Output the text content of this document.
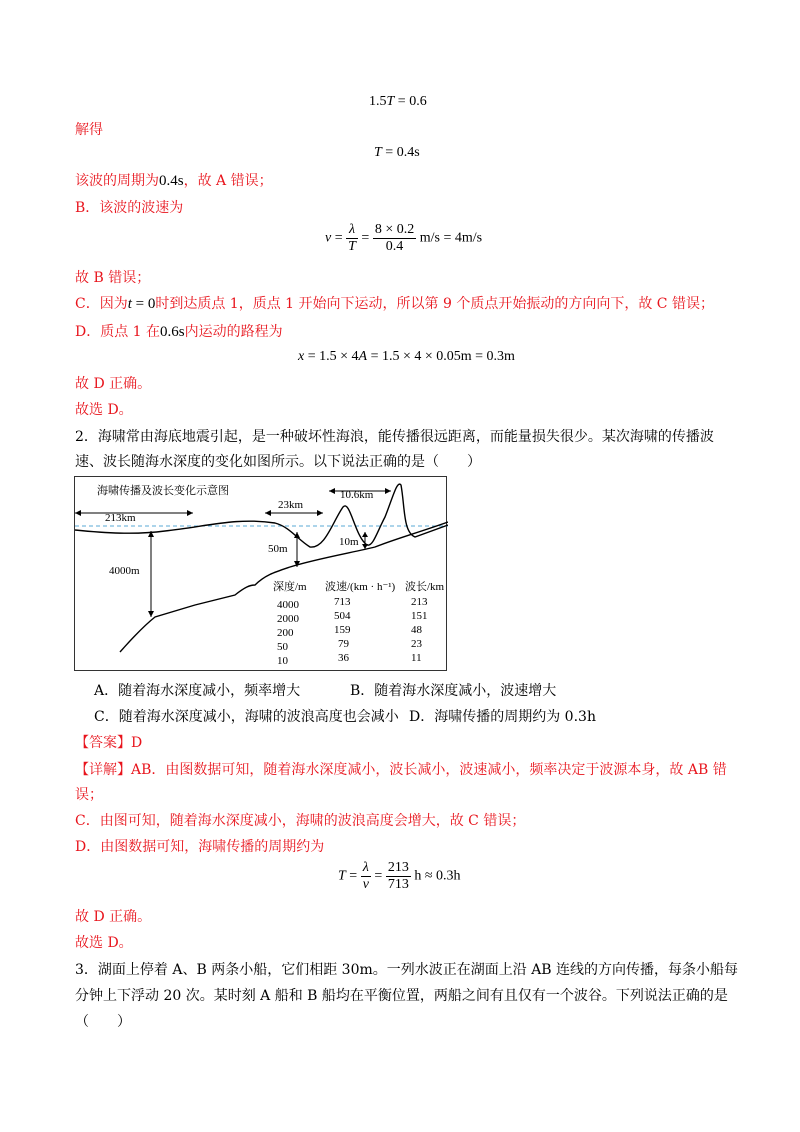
1.5T = 0.6
解得
T = 0.4s
该波的周期为0.4s，故 A 错误；
B．该波的波速为
$v = \frac{\lambda}{T} = \frac{8 \times 0.2}{0.4} m/s = 4m/s$
故 B 错误；
C．因为t = 0时到达质点 1，质点 1 开始向下运动，所以第 9 个质点开始振动的方向向下，故 C 错误；
D．质点 1 在0.6s内运动的路程为
x = 1.5 × 4A = 1.5 × 4 × 0.05m = 0.3m
故 D 正确。
故选 D。
2．海啸常由海底地震引起，是一种破坏性海浪，能传播很远距离，而能量损失很少。某次海啸的传播波
速、波长随海水深度的变化如图所示。以下说法正确的是（　　）
海啸传播及波长变化示意图
213km
23km
10.6km
4000m
50m
10m
深度/m 波速/(km · h⁻¹) 波长/km
4000	713	213
2000	504	151
200	159	48
50	79	23
10	36	11
A．随着海水深度减小，频率增大	B．随着海水深度减小，波速增大
C．随着海水深度减小，海啸的波浪高度也会减小 D．海啸传播的周期约为 0.3h
【答案】D
【详解】AB．由图数据可知，随着海水深度减小，波长减小，波速减小，频率决定于波源本身，故 AB 错
误；
C．由图可知，随着海水深度减小，海啸的波浪高度会增大，故 C 错误；
D．由图数据可知，海啸传播的周期约为
$T = \frac{\lambda}{v} = \frac{213}{713}$ h ≈ 0.3h
故 D 正确。
故选 D。
3．湖面上停着 A、B 两条小船，它们相距 30m。一列水波正在湖面上沿 AB 连线的方向传播，每条小船每
分钟上下浮动 20 次。某时刻 A 船和 B 船均在平衡位置，两船之间有且仅有一个波谷。下列说法正确的是
（　　）
